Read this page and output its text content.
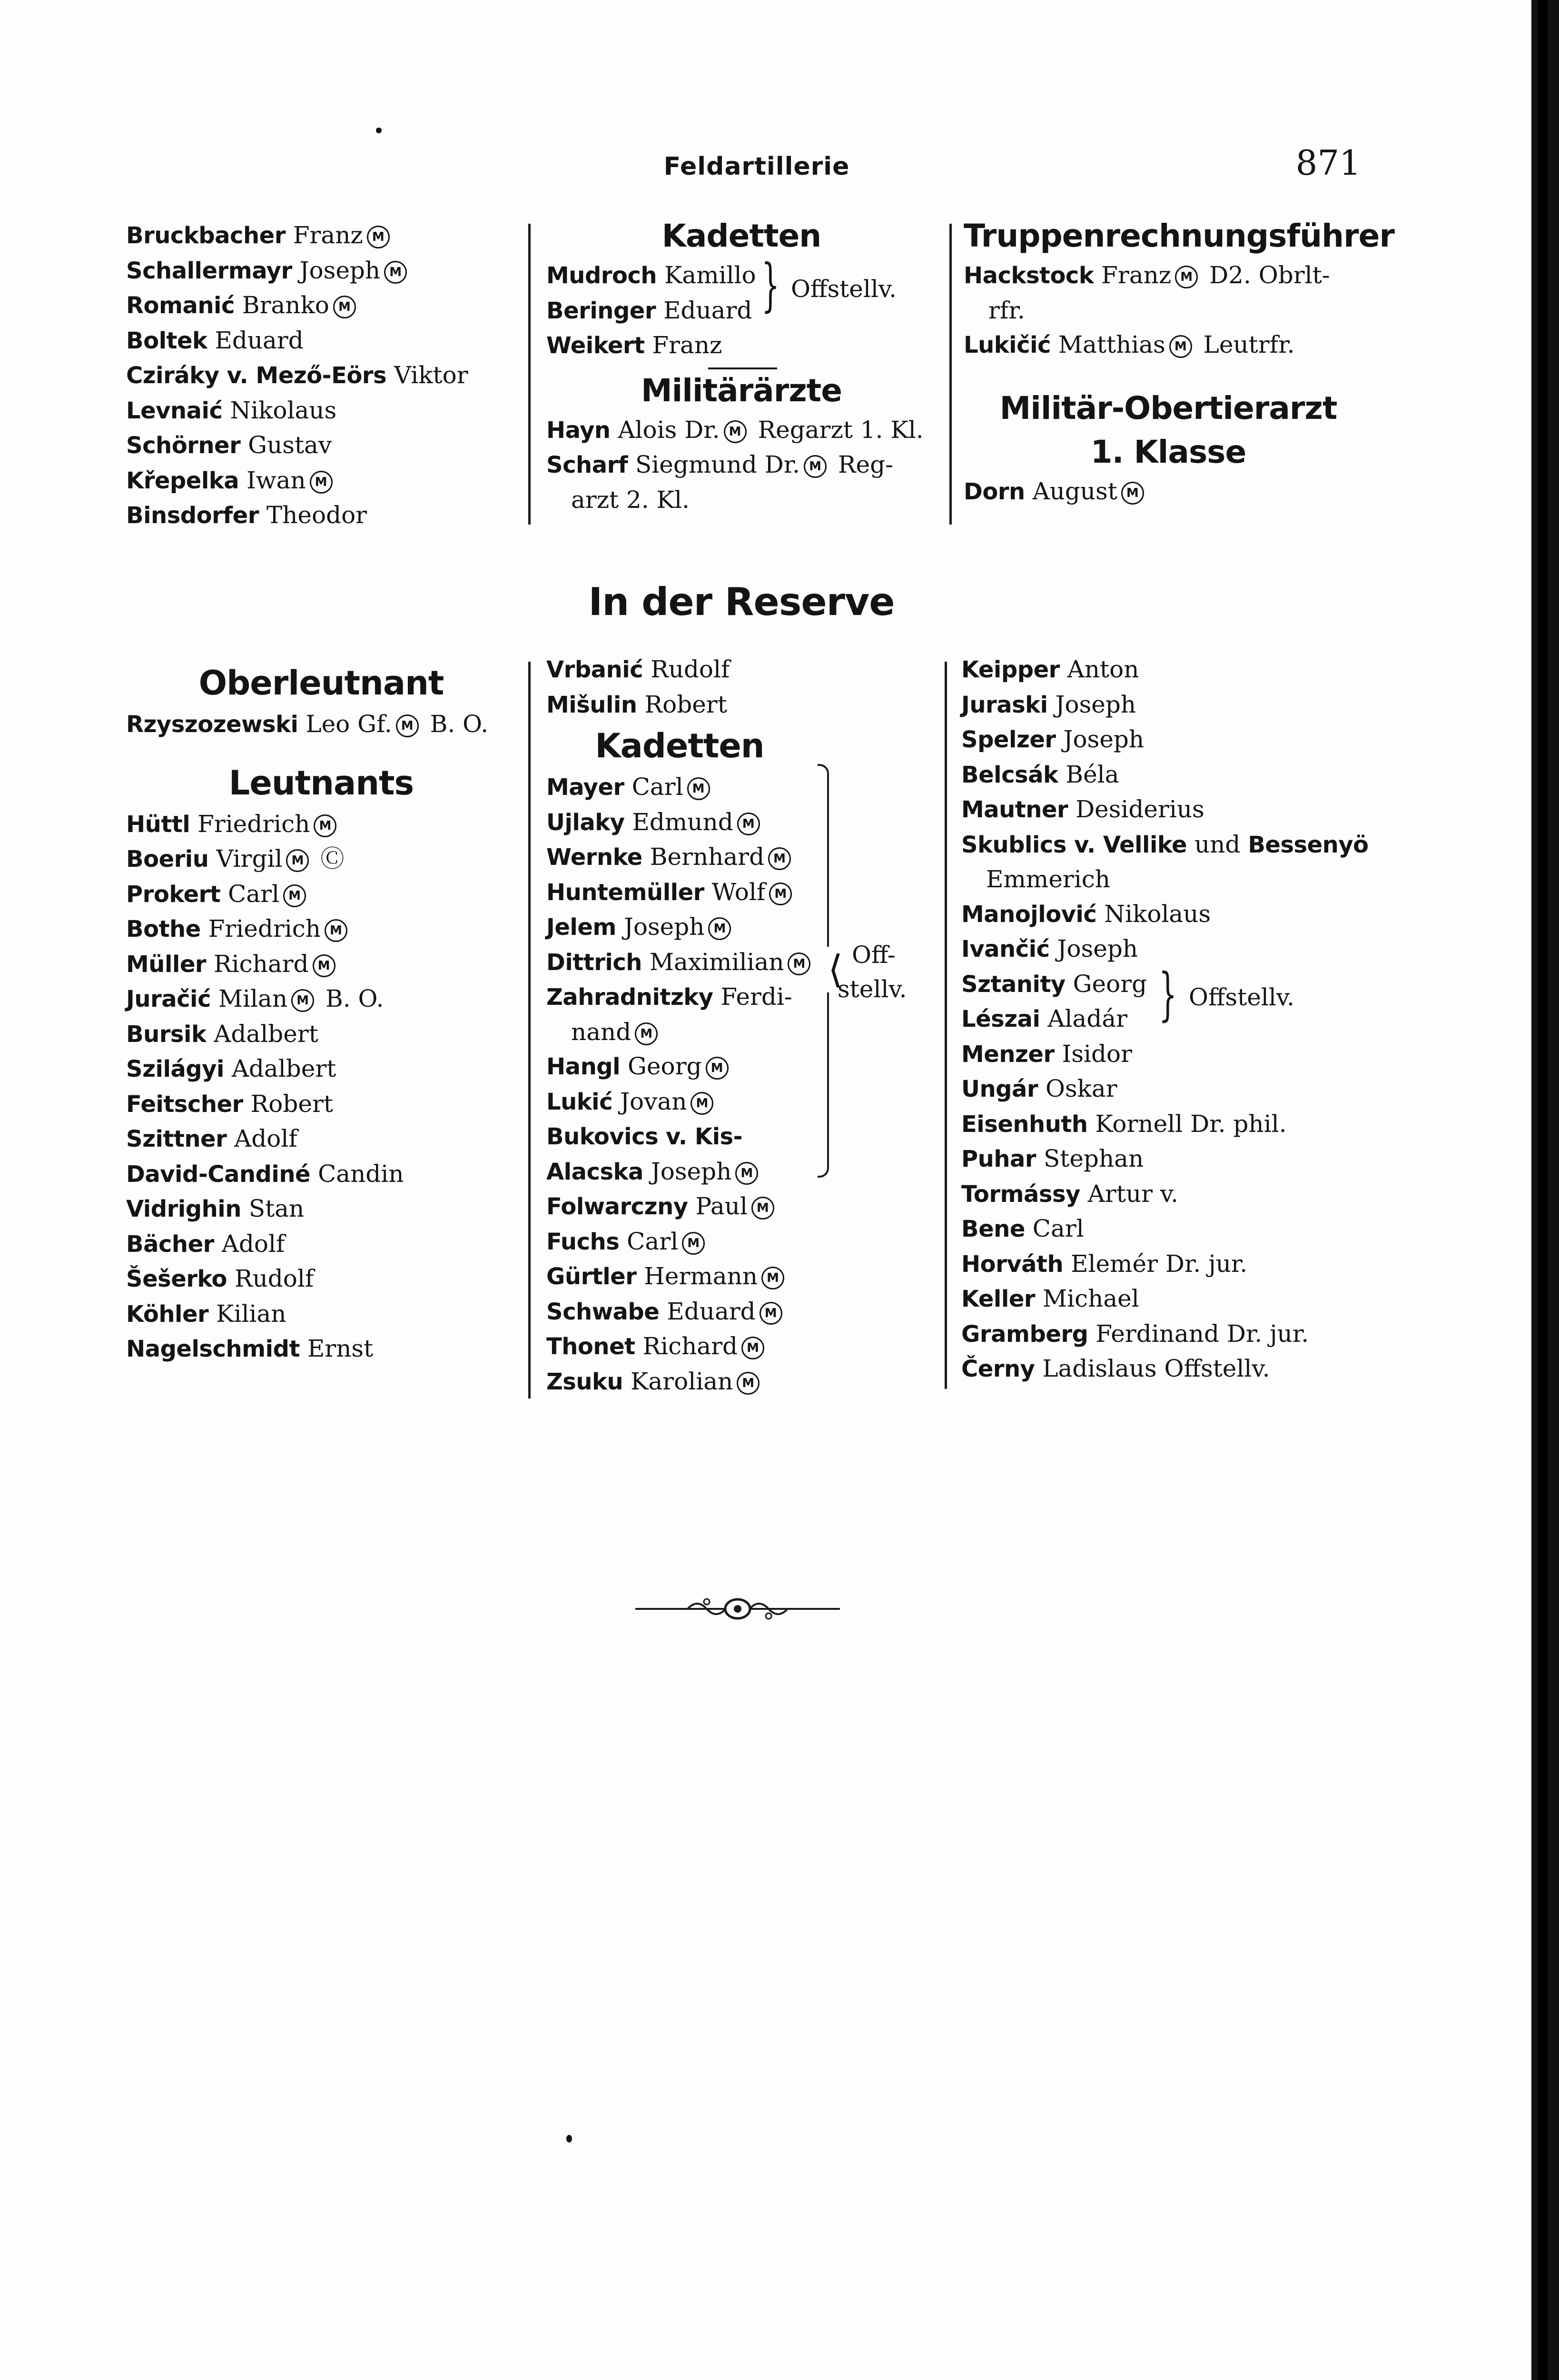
Feldartillerie	871
Bruckbacher Franz M
Schallermayr Joseph M
Romanić Branko M
Boltek Eduard
Cziráky v. Mező-Eörs Viktor
Levnaić Nikolaus
Schörner Gustav
Křepelka Iwan M
Binsdorfer Theodor
Kadetten
Mudroch Kamillo
Beringer Eduard
Weikert Franz
Militärärzte
Hayn Alois Dr. M Regarzt 1. Kl.
Scharf Siegmund Dr. M Reg-
arzt 2. Kl.
} Offstellv.
Truppenrechnungsführer
Hackstock Franz M D2. Obrlt-
rfr.
Lukičić Matthias M Leutrfr.
Militär-Obertierarzt
1. Klasse
Dorn August M
In der Reserve
Oberleutnant
Rzyszozewski Leo Gf. M B. O.
Leutnants
Hüttl Friedrich M
Boeriu Virgil M Ⓒ
Prokert Carl M
Bothe Friedrich M
Müller Richard M
Juračić Milan M B. O.
Bursik Adalbert
Szilágyi Adalbert
Feitscher Robert
Szittner Adolf
David-Candiné Candin
Vidrighin Stan
Bächer Adolf
Šešerko Rudolf
Köhler Kilian
Nagelschmidt Ernst
Vrbanić Rudolf
Mišulin Robert
Kadetten
Mayer Carl M
Ujlaky Edmund M
Wernke Bernhard M
Huntemüller Wolf M
Jelem Joseph M
Dittrich Maximilian M
Zahradnitzky Ferdi-
nand M
Hangl Georg M
Lukić Jovan M
Bukovics v. Kis-
Alacska Joseph M
Folwarczny Paul M
Fuchs Carl M
Gürtler Hermann M
Schwabe Eduard M
Thonet Richard M
Zsuku Karolian M
⟨ Off-
stellv.
Keipper Anton
Juraski Joseph
Spelzer Joseph
Belcsák Béla
Mautner Desiderius
Skublics v. Vellike und Bessenyö
Emmerich
Manojlović Nikolaus
Ivančić Joseph
Sztanity Georg
Lészai Aladár
Menzer Isidor
Ungár Oskar
Eisenhuth Kornell Dr. phil.
Puhar Stephan
Tormássy Artur v.
Bene Carl
Horváth Elemér Dr. jur.
Keller Michael
Gramberg Ferdinand Dr. jur.
Černy Ladislaus Offstellv.
} Offstellv.
